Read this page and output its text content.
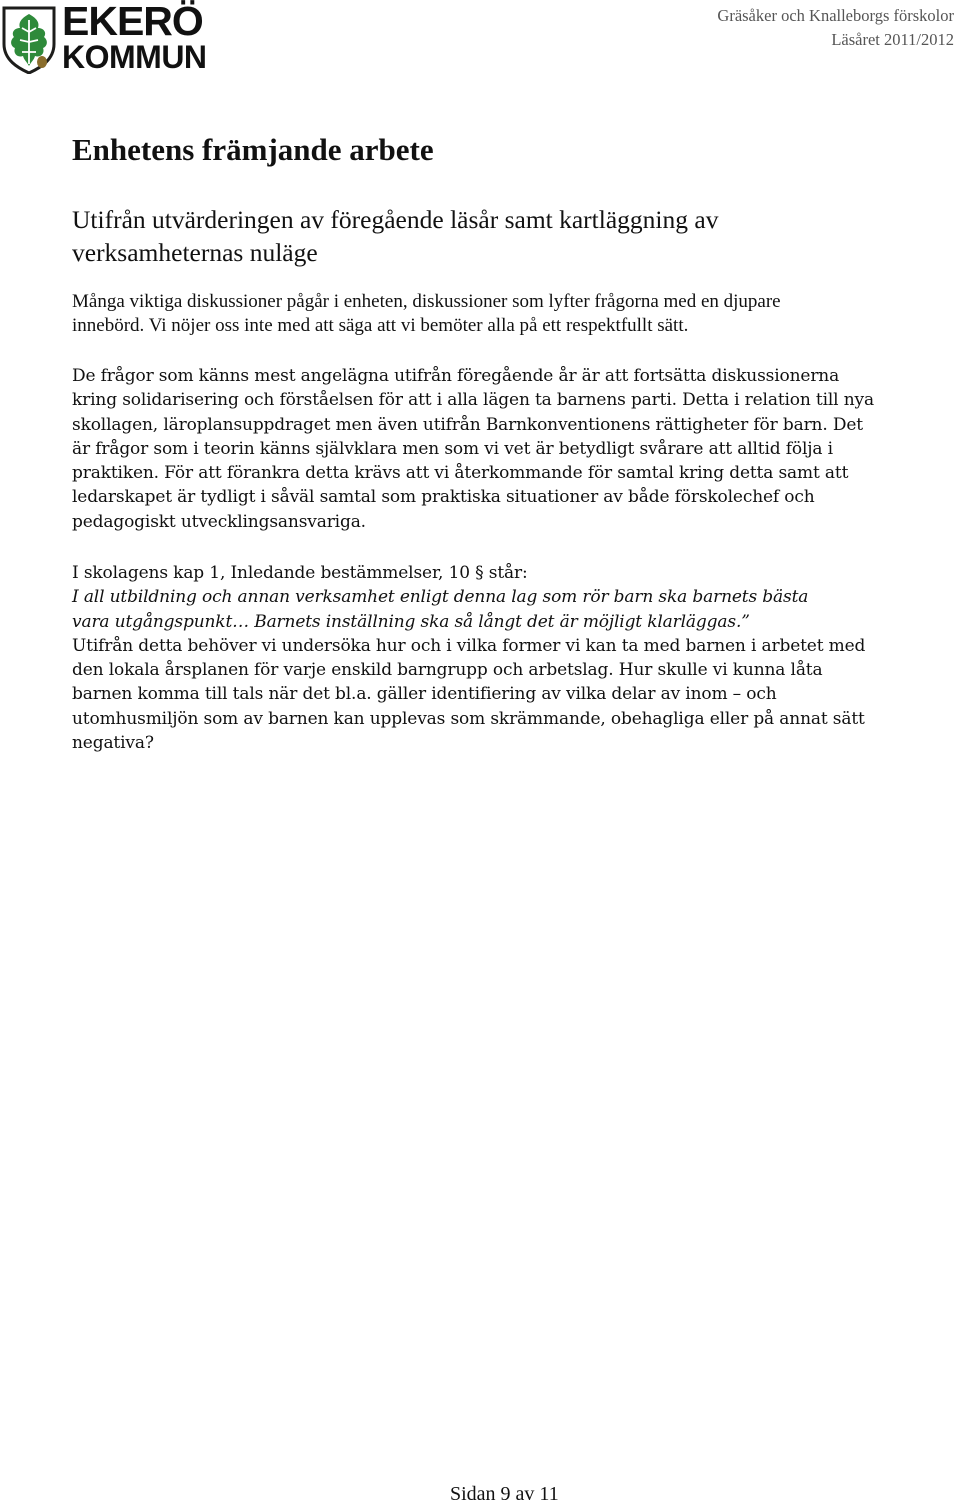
EKERÖ
KOMMUN
Gräsåker och Knalleborgs förskolor
Läsåret 2011/2012
Enhetens främjande arbete
Utifrån utvärderingen av föregående läsår samt kartläggning av
verksamheternas nuläge
Många viktiga diskussioner pågår i enheten, diskussioner som lyfter frågorna med en djupare
innebörd. Vi nöjer oss inte med att säga att vi bemöter alla på ett respektfullt sätt.
De frågor som känns mest angelägna utifrån föregående år är att fortsätta diskussionerna
kring solidarisering och förståelsen för att i alla lägen ta barnens parti. Detta i relation till nya
skollagen, läroplansuppdraget men även utifrån Barnkonventionens rättigheter för barn. Det
är frågor som i teorin känns självklara men som vi vet är betydligt svårare att alltid följa i
praktiken. För att förankra detta krävs att vi återkommande för samtal kring detta samt att
ledarskapet är tydligt i såväl samtal som praktiska situationer av både förskolechef och
pedagogiskt utvecklingsansvariga.
I skolagens kap 1, Inledande bestämmelser, 10 § står:
I all utbildning och annan verksamhet enligt denna lag som rör barn ska barnets bästa
vara utgångspunkt… Barnets inställning ska så långt det är möjligt klarläggas.”
Utifrån detta behöver vi undersöka hur och i vilka former vi kan ta med barnen i arbetet med
den lokala årsplanen för varje enskild barngrupp och arbetslag. Hur skulle vi kunna låta
barnen komma till tals när det bl.a. gäller identifiering av vilka delar av inom – och
utomhusmiljön som av barnen kan upplevas som skrämmande, obehagliga eller på annat sätt
negativa?
Sidan 9 av 11
